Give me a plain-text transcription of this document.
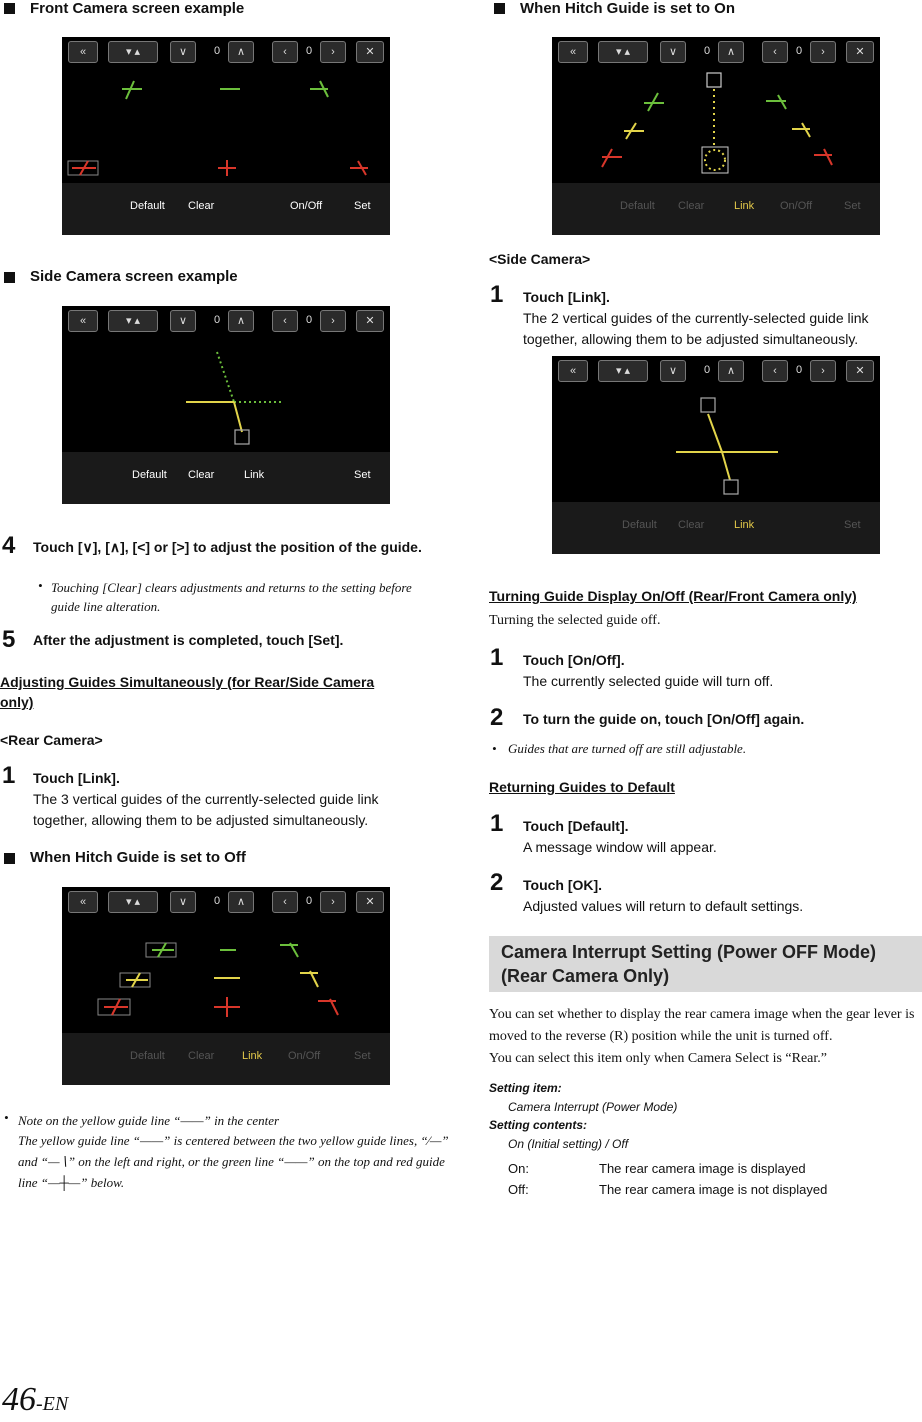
Front Camera screen example
«	▾ ▴	∨	0	∧	‹	0	›	✕
Default Clear	On/Off	Set
Side Camera screen example
«	▾ ▴	∨	0	∧	‹	0	›	✕
Default Clear	Link	Set
4 Touch [∨], [∧], [<] or [>] to adjust the position of the guide.
• Touching [Clear] clears adjustments and returns to the setting before guide line alteration.
5 After the adjustment is completed, touch [Set].
Adjusting Guides Simultaneously (for Rear/Side Camera
only)
<Rear Camera>
1 Touch [Link].
The 3 vertical guides of the currently-selected guide link together, allowing them to be adjusted simultaneously.
When Hitch Guide is set to Off
«	▾ ▴	∨	0	∧	‹	0	›	✕
Default Clear	Link On/Off	Set
• Note on the yellow guide line “——” in the center
The yellow guide line “——” is centered between the two yellow guide lines, “∕—” and “—∖” on the left and right, or the green line “——” on the top and red guide line “—┼—” below.
46-EN
When Hitch Guide is set to On
«	▾ ▴	∨	0	∧	‹	0	›	✕
Default Clear	Link On/Off	Set
<Side Camera>
1 Touch [Link].
The 2 vertical guides of the currently-selected guide link together, allowing them to be adjusted simultaneously.
«	▾ ▴	∨	0	∧	‹	0	›	✕
Default Clear	Link	Set
Turning Guide Display On/Off (Rear/Front Camera only)
Turning the selected guide off.
1 Touch [On/Off].
The currently selected guide will turn off.
2 To turn the guide on, touch [On/Off] again.
• Guides that are turned off are still adjustable.
Returning Guides to Default
1 Touch [Default].
A message window will appear.
2 Touch [OK].
Adjusted values will return to default settings.
Camera Interrupt Setting (Power OFF Mode)
(Rear Camera Only)
You can set whether to display the rear camera image when the gear lever is moved to the reverse (R) position while the unit is turned off.
You can select this item only when Camera Select is “Rear.”
Setting item:
Camera Interrupt (Power Mode)
Setting contents:
On (Initial setting) / Off
On:	The rear camera image is displayed
Off:	The rear camera image is not displayed
